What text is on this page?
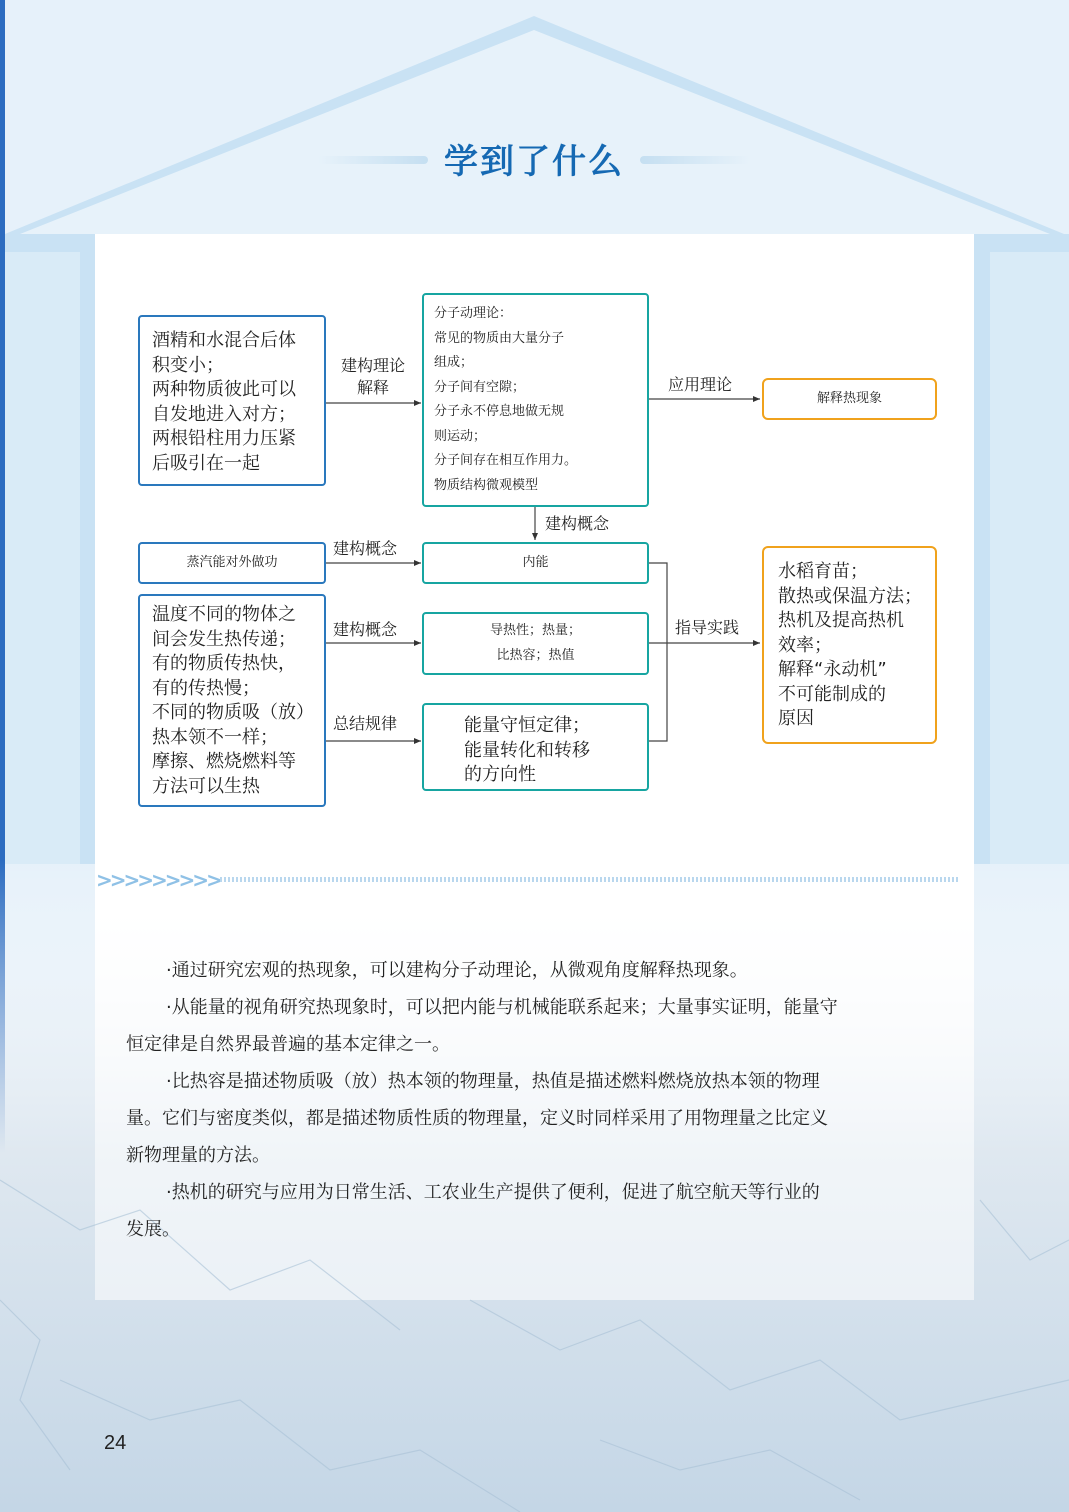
学到了什么
酒精和水混合后体
积变小；
两种物质彼此可以
自发地进入对方；
两根铅柱用力压紧
后吸引在一起
建构理论
解释
分子动理论：
常见的物质由大量分子
组成；
分子间有空隙；
分子永不停息地做无规
则运动；
分子间存在相互作用力。
物质结构微观模型
应用理论
解释热现象
建构概念
蒸汽能对外做功
建构概念
内能
温度不同的物体之
间会发生热传递；
有的物质传热快，
有的传热慢；
不同的物质吸（放）
热本领不一样；
摩擦、燃烧燃料等
方法可以生热
建构概念	导热性；热量；
比热容；热值
总结规律	能量守恒定律；
能量转化和转移
的方向性
指导实践
水稻育苗；
散热或保温方法；
热机及提高热机
效率；
解释“永动机”
不可能制成的
原因
>>>>>>>>>
·通过研究宏观的热现象，可以建构分子动理论，从微观角度解释热现象。
·从能量的视角研究热现象时，可以把内能与机械能联系起来；大量事实证明，能量守
恒定律是自然界最普遍的基本定律之一。
·比热容是描述物质吸（放）热本领的物理量，热值是描述燃料燃烧放热本领的物理
量。它们与密度类似，都是描述物质性质的物理量，定义时同样采用了用物理量之比定义
新物理量的方法。
·热机的研究与应用为日常生活、工农业生产提供了便利，促进了航空航天等行业的
发展。
24
